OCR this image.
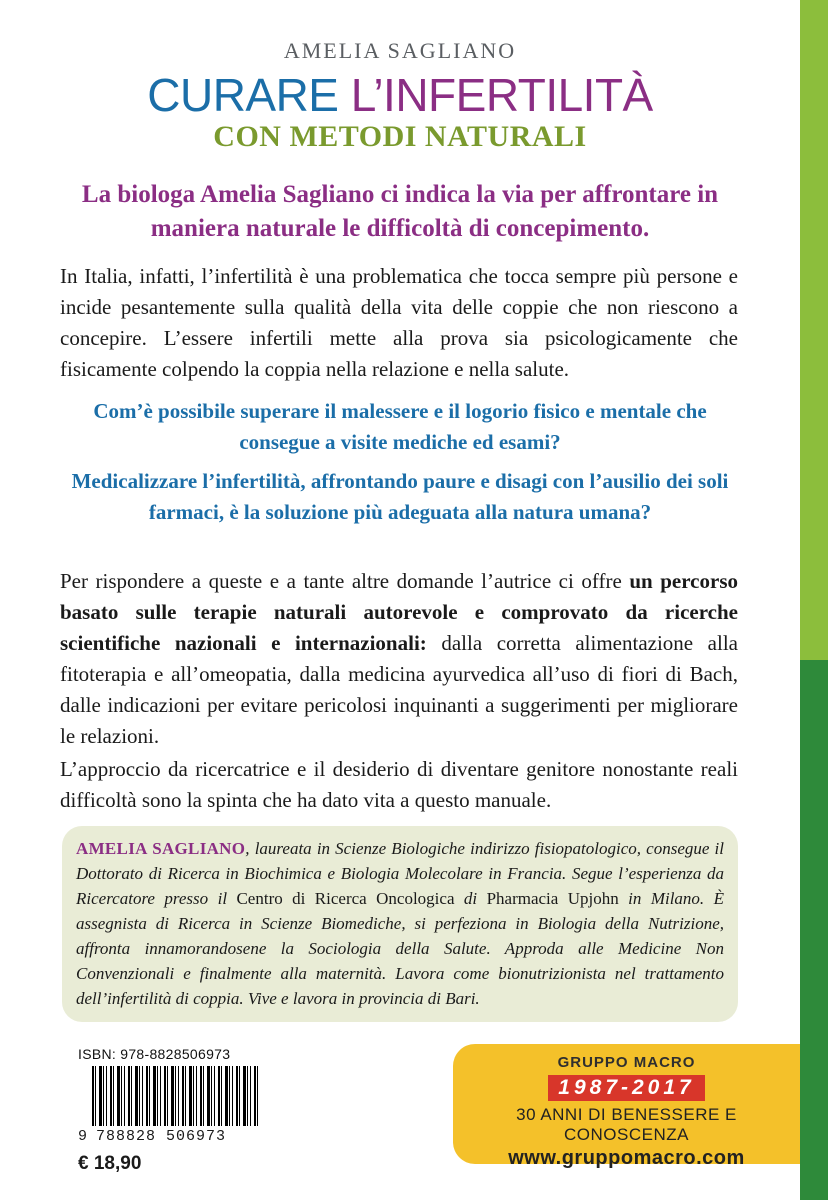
AMELIA SAGLIANO
CURARE L’INFERTILITÀ
CON METODI NATURALI
La biologa Amelia Sagliano ci indica la via per affrontare in maniera naturale le difficoltà di concepimento.
In Italia, infatti, l’infertilità è una problematica che tocca sempre più persone e incide pesantemente sulla qualità della vita delle coppie che non riescono a concepire. L’essere infertili mette alla prova sia psicologicamente che fisicamente colpendo la coppia nella relazione e nella salute.
Com’è possibile superare il malessere e il logorio fisico e mentale che consegue a visite mediche ed esami?
Medicalizzare l’infertilità, affrontando paure e disagi con l’ausilio dei soli farmaci, è la soluzione più adeguata alla natura umana?
Per rispondere a queste e a tante altre domande l’autrice ci offre un percorso basato sulle terapie naturali autorevole e comprovato da ricerche scientifiche nazionali e internazionali: dalla corretta alimentazione alla fitoterapia e all’omeopatia, dalla medicina ayurvedica all’uso di fiori di Bach, dalle indicazioni per evitare pericolosi inquinanti a suggerimenti per migliorare le relazioni.
L’approccio da ricercatrice e il desiderio di diventare genitore nonostante reali difficoltà sono la spinta che ha dato vita a questo manuale.
AMELIA SAGLIANO, laureata in Scienze Biologiche indirizzo fisiopatologico, consegue il Dottorato di Ricerca in Biochimica e Biologia Molecolare in Francia. Segue l’esperienza da Ricercatore presso il Centro di Ricerca Oncologica di Pharmacia Upjohn in Milano. È assegnista di Ricerca in Scienze Biomediche, si perfeziona in Biologia della Nutrizione, affronta innamorandosene la Sociologia della Salute. Approda alle Medicine Non Convenzionali e finalmente alla maternità. Lavora come bionutrizionista nel trattamento dell’infertilità di coppia. Vive e lavora in provincia di Bari.
ISBN: 978-8828506973
9 788828 506973
€ 18,90
GRUPPO MACRO
1987-2017
30 ANNI DI BENESSERE E CONOSCENZA
www.gruppomacro.com
